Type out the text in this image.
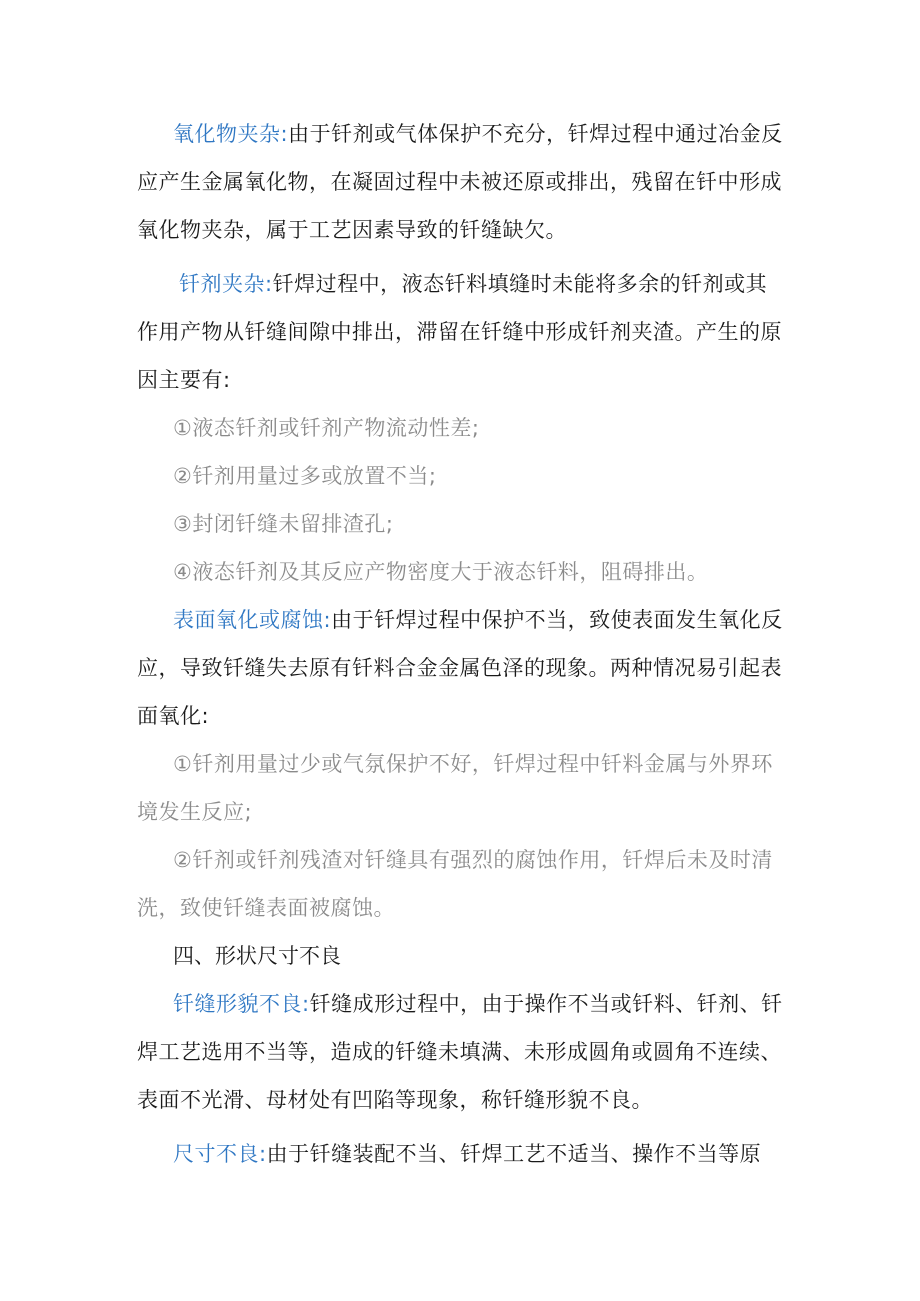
氧化物夹杂:由于钎剂或气体保护不充分，钎焊过程中通过冶金反应产生金属氧化物，在凝固过程中未被还原或排出，残留在钎中形成氧化物夹杂，属于工艺因素导致的钎缝缺欠。

钎剂夹杂:钎焊过程中，液态钎料填缝时未能将多余的钎剂或其作用产物从钎缝间隙中排出，滞留在钎缝中形成钎剂夹渣。产生的原因主要有:

①液态钎剂或钎剂产物流动性差;

②钎剂用量过多或放置不当;

③封闭钎缝未留排渣孔;

④液态钎剂及其反应产物密度大于液态钎料，阻碍排出。

表面氧化或腐蚀:由于钎焊过程中保护不当，致使表面发生氧化反应，导致钎缝失去原有钎料合金金属色泽的现象。两种情况易引起表面氧化:

①钎剂用量过少或气氛保护不好，钎焊过程中钎料金属与外界环境发生反应;

②钎剂或钎剂残渣对钎缝具有强烈的腐蚀作用，钎焊后未及时清洗，致使钎缝表面被腐蚀。

四、形状尺寸不良

钎缝形貌不良:钎缝成形过程中，由于操作不当或钎料、钎剂、钎焊工艺选用不当等，造成的钎缝未填满、未形成圆角或圆角不连续、表面不光滑、母材处有凹陷等现象，称钎缝形貌不良。

尺寸不良:由于钎缝装配不当、钎焊工艺不适当、操作不当等原
